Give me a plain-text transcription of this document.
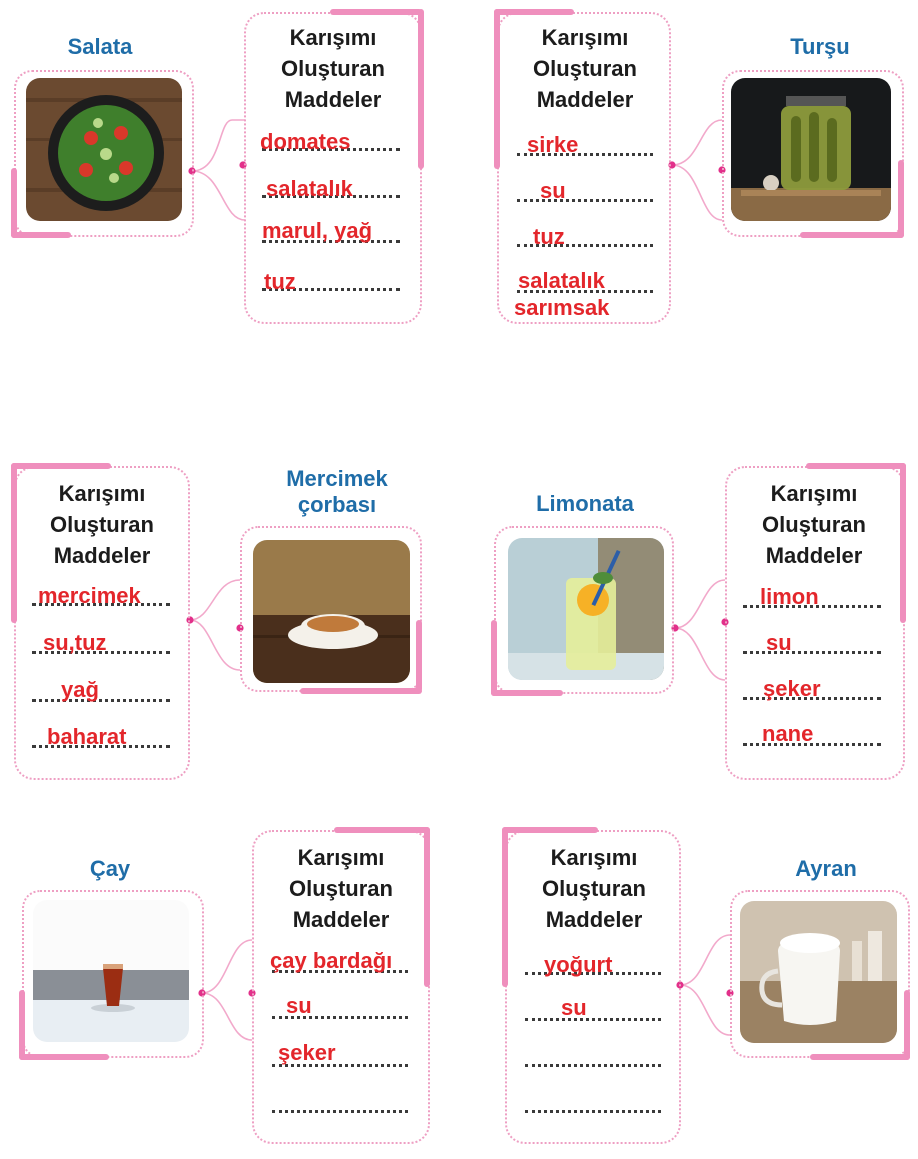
Salata	Karışımı Oluşturan Maddeler
domates
salatalık
marul, yağ
tuz
Karışımı Oluşturan Maddeler
sirke
su
tuz
salatalık
sarımsak
Turşu
Karışımı Oluşturan Maddeler
mercimek
su,tuz
yağ
baharat
Mercimek çorbası	Limonata	Karışımı Oluşturan Maddeler
limon
su
şeker
nane
Çay	Karışımı Oluşturan Maddeler
çay bardağı
su
şeker
Karışımı Oluşturan Maddeler
yoğurt
su
Ayran
